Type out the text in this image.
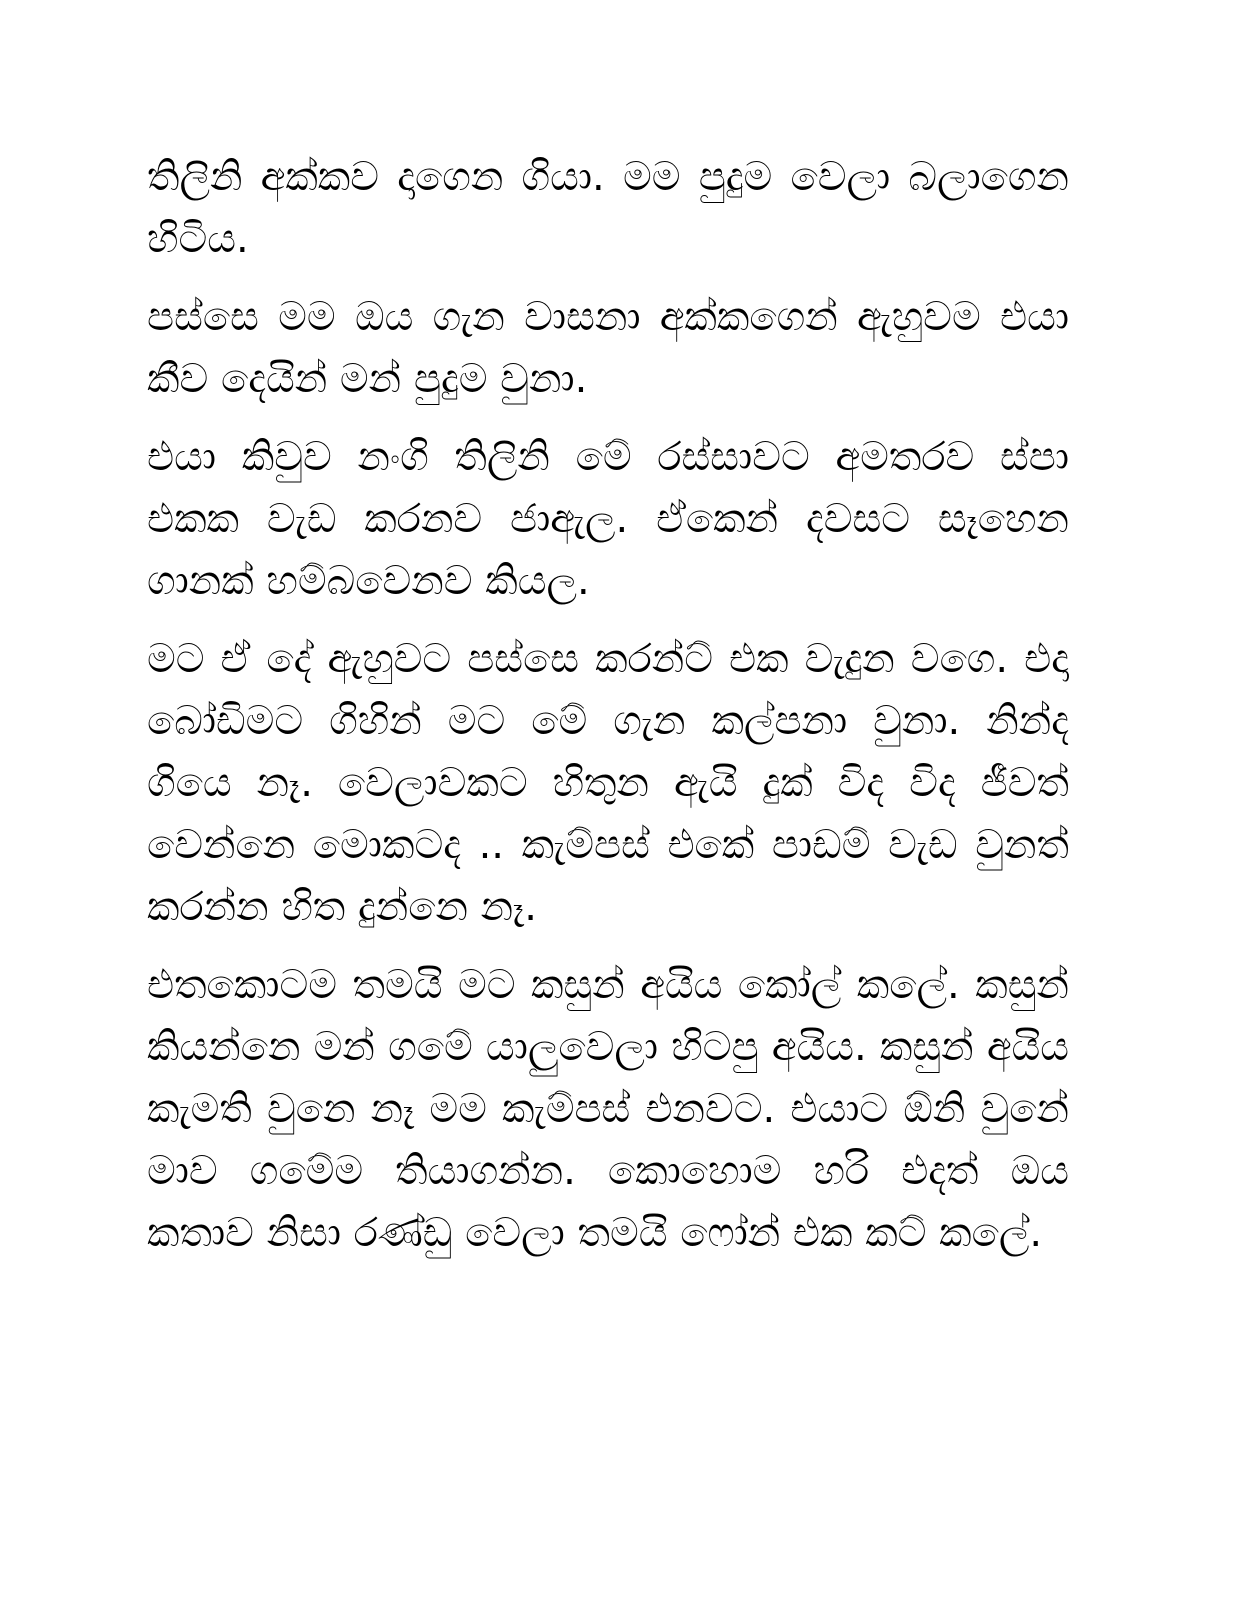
තිලිනි අක්කව දාගෙන ගියා. මම පුදුම වෙලා බලාගෙන හිටිය.

පස්සෙ මම ඔය ගැන වාසනා අක්කගෙන් ඇහුවම එයා කීව දෙයින් මන් පුදුම වුනා.

එයා කිවුව නංගි තිලිනි මේ රස්සාවට අමතරව ස්පා එකක වැඩ කරනව ජාඇල. ඒකෙන් දවසට සෑහෙන ගානක් හම්බවෙනව කියල.

මට ඒ දේ ඇහුවට පස්සෙ කරන්ට් එක වැදුන වගෙ. එදා බෝඩිමට ගිහින් මට මේ ගැන කල්පනා වුනා. නින්ද ගියෙ නෑ. වෙලාවකට හිතුන ඇයි දුක් විද විද ජීවත් වෙන්නෙ මොකටද .. කැම්පස් එකේ පාඩම් වැඩ වුනත් කරන්න හිත දුන්නෙ නෑ.

එතකොටම තමයි මට කසුන් අයිය කෝල් කලේ. කසුන් කියන්නෙ මන් ගමේ යාලුවෙලා හිටපු අයිය. කසුන් අයිය කැමති වුනෙ නෑ මම කැම්පස් එනවට. එයාට ඕනි වුනේ මාව ගමේම තියාගන්න. කොහොම හරි එදත් ඔය කතාව නිසා රණ්ඩු වෙලා තමයි ෆෝන් එක කට් කලේ.
